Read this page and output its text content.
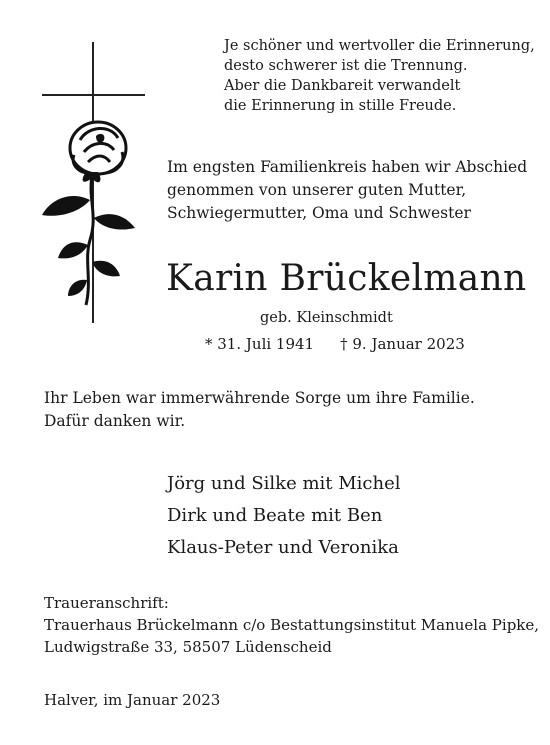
Je schöner und wertvoller die Erinnerung,
desto schwerer ist die Trennung.
Aber die Dankbareit verwandelt
die Erinnerung in stille Freude.
Im engsten Familienkreis haben wir Abschied
genommen von unserer guten Mutter,
Schwiegermutter, Oma und Schwester
Karin Brückelmann
geb. Kleinschmidt
* 31. Juli 1941 † 9. Januar 2023
Ihr Leben war immerwährende Sorge um ihre Familie.
Dafür danken wir.
Jörg und Silke mit Michel
Dirk und Beate mit Ben
Klaus-Peter und Veronika
Traueranschrift:
Trauerhaus Brückelmann c/o Bestattungsinstitut Manuela Pipke,
Ludwigstraße 33, 58507 Lüdenscheid
Halver, im Januar 2023
